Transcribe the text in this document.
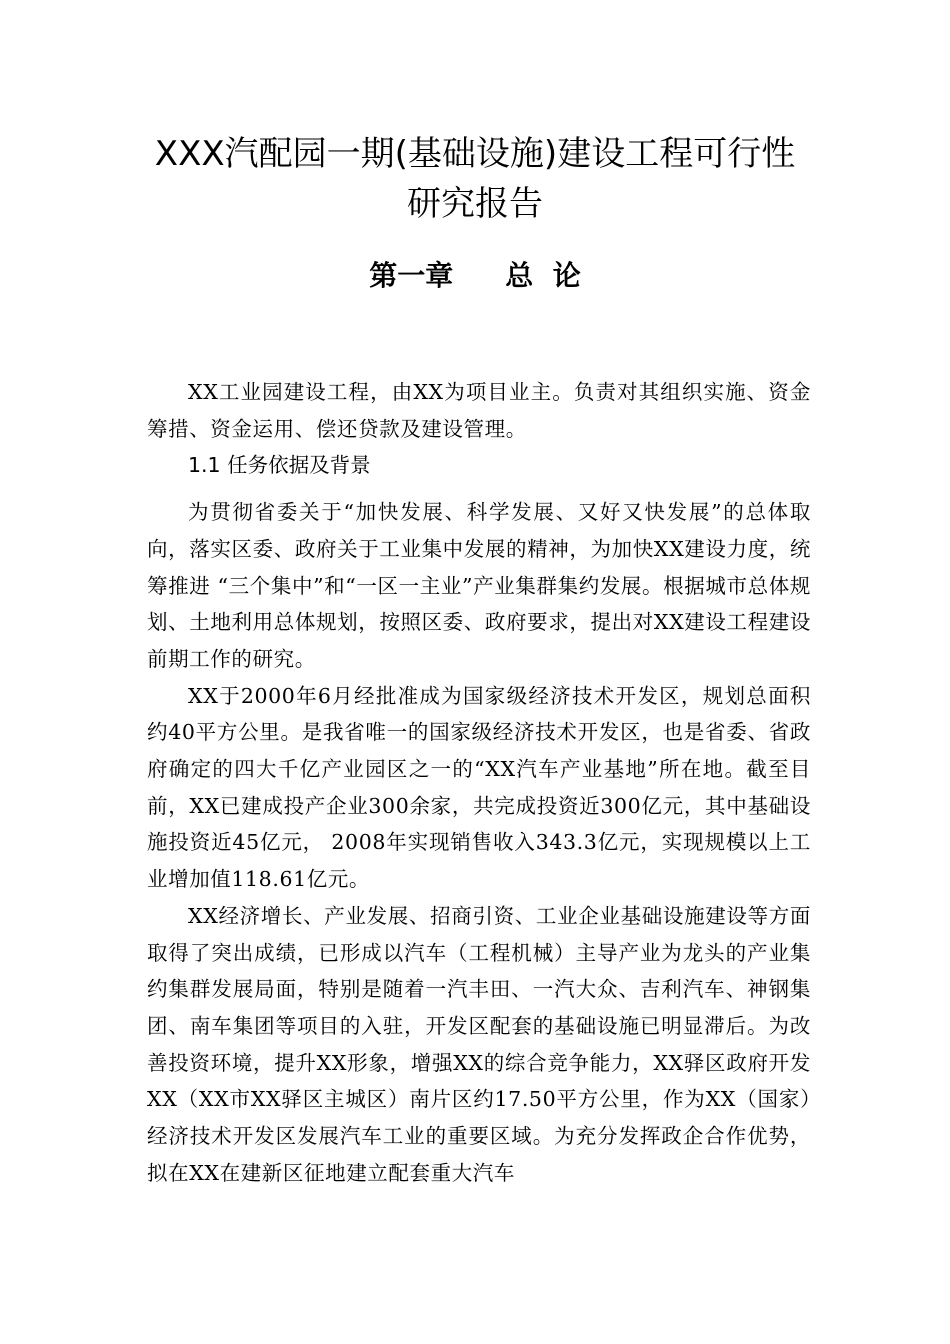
XXX汽配园一期(基础设施)建设工程可行性
研究报告
第一章 总  论

XX工业园建设工程，由XX为项目业主。负责对其组织实施、资金筹措、资金运用、偿还贷款及建设管理。

1.1 任务依据及背景

为贯彻省委关于“加快发展、科学发展、又好又快发展”的总体取向，落实区委、政府关于工业集中发展的精神，为加快XX建设力度，统筹推进 “三个集中”和“一区一主业”产业集群集约发展。根据城市总体规划、土地利用总体规划，按照区委、政府要求，提出对XX建设工程建设前期工作的研究。

XX于2000年6月经批准成为国家级经济技术开发区，规划总面积约40平方公里。是我省唯一的国家级经济技术开发区，也是省委、省政府确定的四大千亿产业园区之一的“XX汽车产业基地”所在地。截至目前，XX已建成投产企业300余家，共完成投资近300亿元，其中基础设施投资近45亿元， 2008年实现销售收入343.3亿元，实现规模以上工业增加值118.61亿元。

XX经济增长、产业发展、招商引资、工业企业基础设施建设等方面取得了突出成绩，已形成以汽车（工程机械）主导产业为龙头的产业集约集群发展局面，特别是随着一汽丰田、一汽大众、吉利汽车、神钢集团、南车集团等项目的入驻，开发区配套的基础设施已明显滞后。为改善投资环境，提升XX形象，增强XX的综合竞争能力，XX驿区政府开发XX（XX市XX驿区主城区）南片区约17.50平方公里，作为XX（国家）经济技术开发区发展汽车工业的重要区域。为充分发挥政企合作优势，拟在XX在建新区征地建立配套重大汽车
